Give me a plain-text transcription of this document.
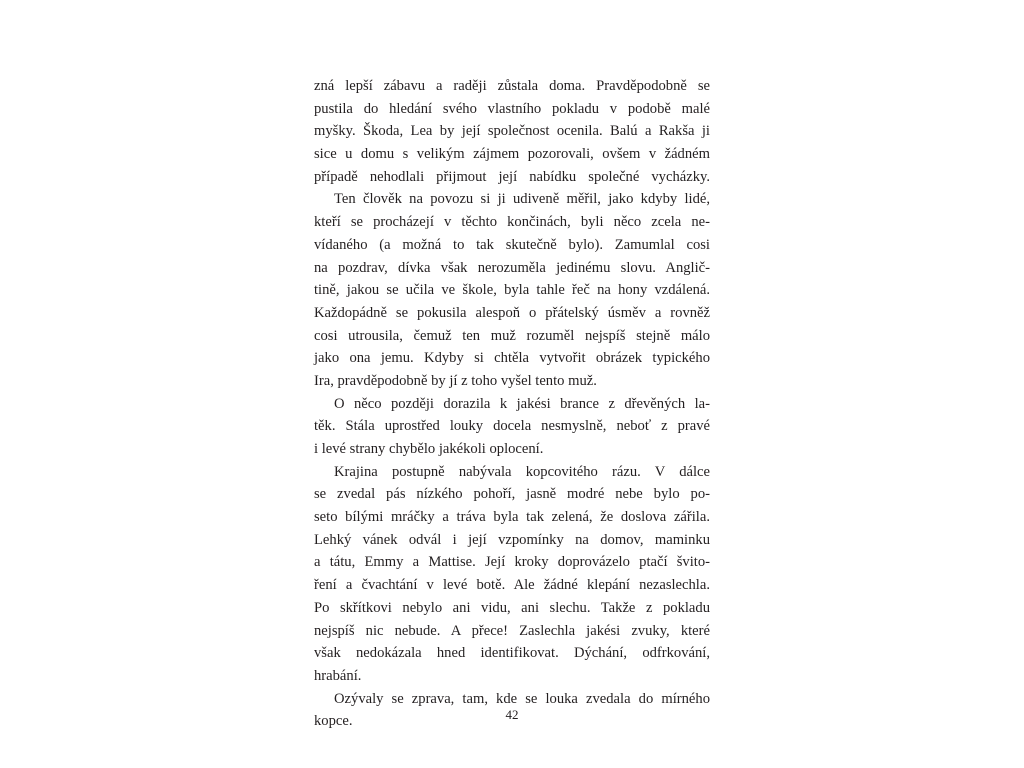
zná lepší zábavu a raději zůstala doma. Pravděpodobně se
pustila do hledání svého vlastního pokladu v podobě malé
myšky. Škoda, Lea by její společnost ocenila. Balú a Rakša ji
sice u domu s velikým zájmem pozorovali, ovšem v žádném
případě nehodlali přijmout její nabídku společné vycházky.

Ten člověk na povozu si ji udiveně měřil, jako kdyby lidé,
kteří se procházejí v těchto končinách, byli něco zcela ne-
vídaného (a možná to tak skutečně bylo). Zamumlal cosi
na pozdrav, dívka však nerozuměla jedinému slovu. Anglič-
tině, jakou se učila ve škole, byla tahle řeč na hony vzdálená.
Každopádně se pokusila alespoň o přátelský úsměv a rovněž
cosi utrousila, čemuž ten muž rozuměl nejspíš stejně málo
jako ona jemu. Kdyby si chtěla vytvořit obrázek typického
Ira, pravděpodobně by jí z toho vyšel tento muž.

O něco později dorazila k jakési brance z dřevěných la-
těk. Stála uprostřed louky docela nesmyslně, neboť z pravé
i levé strany chybělo jakékoli oplocení.

Krajina postupně nabývala kopcovitého rázu. V dálce
se zvedal pás nízkého pohoří, jasně modré nebe bylo po-
seto bílými mráčky a tráva byla tak zelená, že doslova zářila.
Lehký vánek odvál i její vzpomínky na domov, maminku
a tátu, Emmy a Mattise. Její kroky doprovázelo ptačí švito-
ření a čvachtání v levé botě. Ale žádné klepání nezaslechla.
Po skřítkovi nebylo ani vidu, ani slechu. Takže z pokladu
nejspíš nic nebude. A přece! Zaslechla jakési zvuky, které
však nedokázala hned identifikovat. Dýchání, odfrkování,
hrabání.

Ozývaly se zprava, tam, kde se louka zvedala do mírného
kopce.	42
